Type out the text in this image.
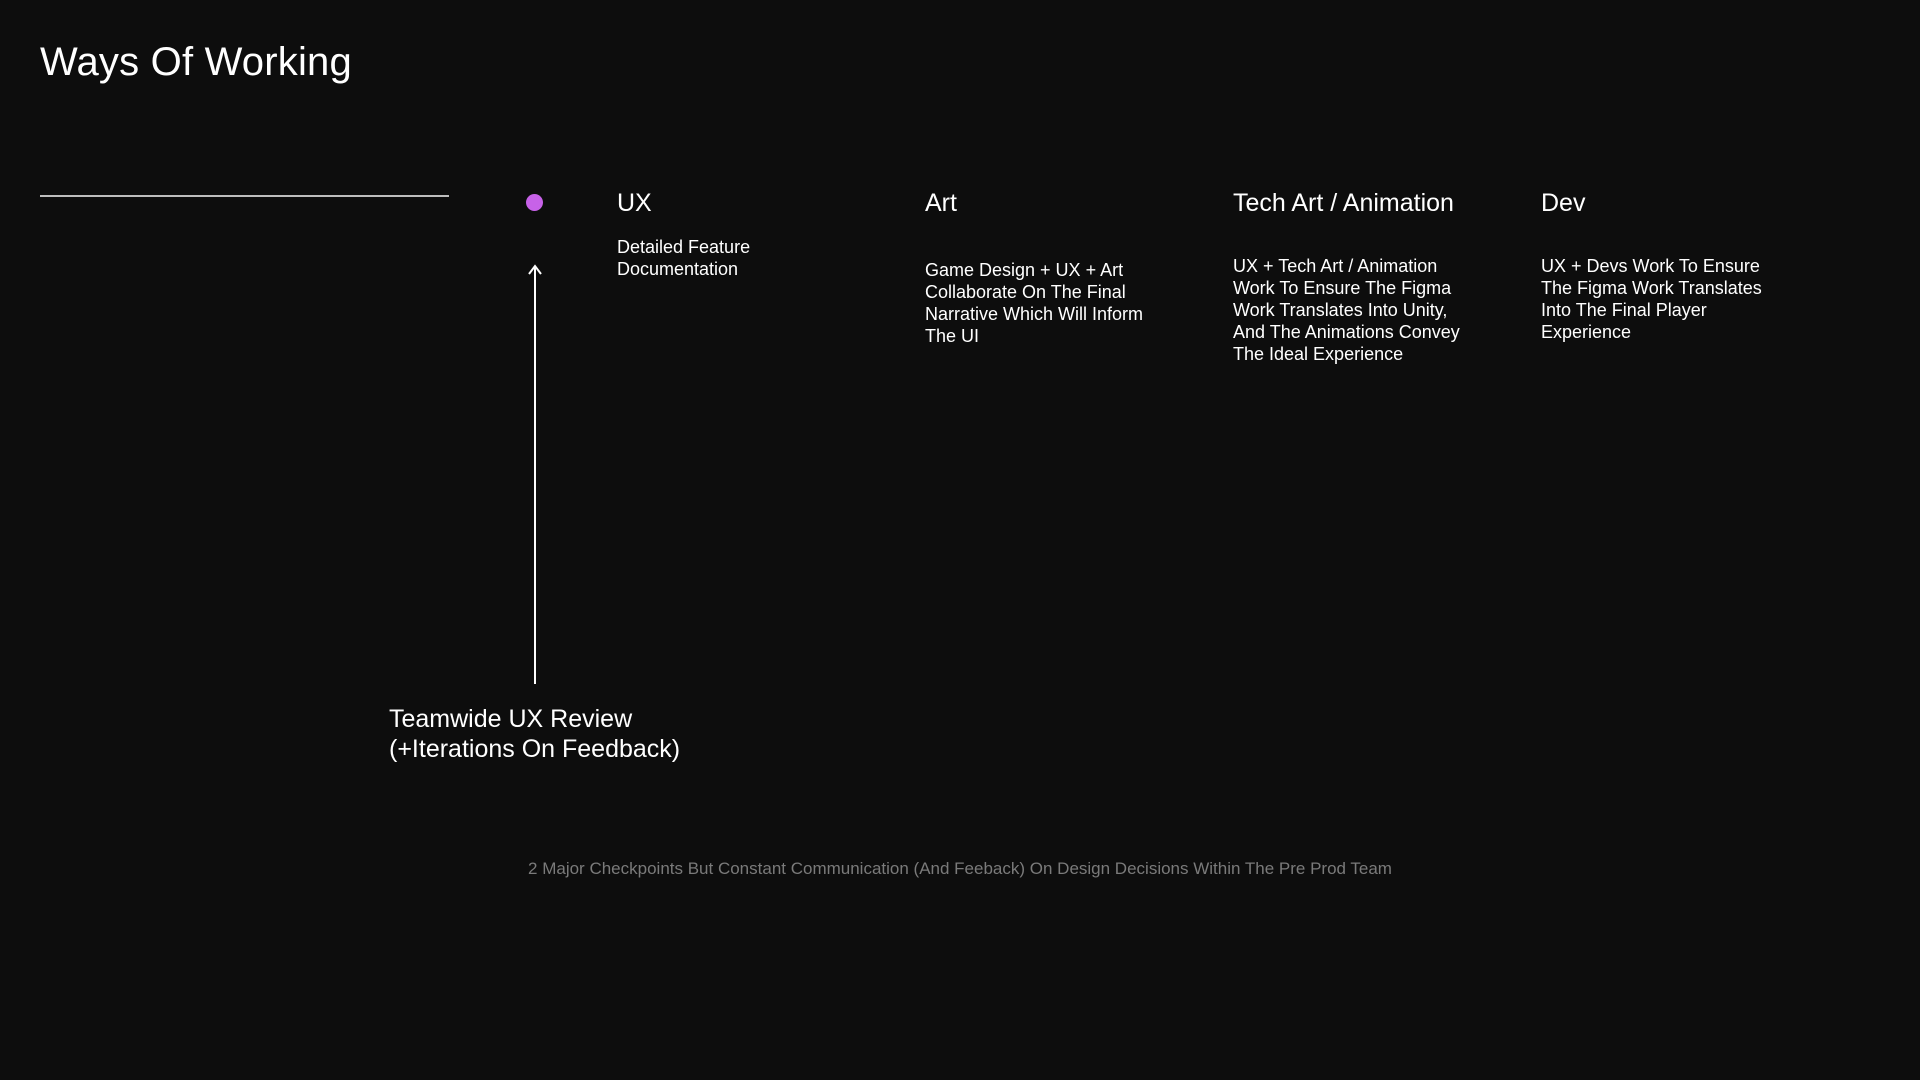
Ways Of Working
UX
Detailed Feature
Documentation
Art
Game Design + UX + Art
Collaborate On The Final
Narrative Which Will Inform
The UI
Tech Art / Animation
UX + Tech Art / Animation
Work To Ensure The Figma
Work Translates Into Unity,
And The Animations Convey
The Ideal Experience
Dev
UX + Devs Work To Ensure
The Figma Work Translates
Into The Final Player
Experience
Teamwide UX Review
(+Iterations On Feedback)
2 Major Checkpoints But Constant Communication (And Feeback) On Design Decisions Within The Pre Prod Team
